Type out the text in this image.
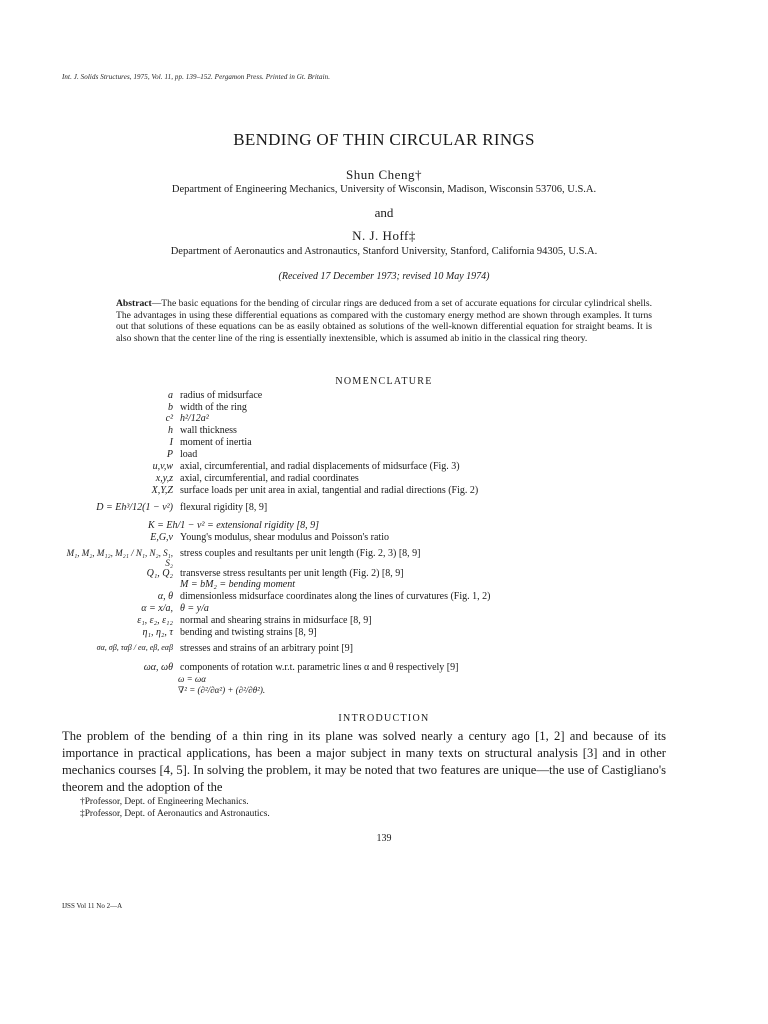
Int. J. Solids Structures, 1975, Vol. 11, pp. 139–152. Pergamon Press. Printed in Gt. Britain.
BENDING OF THIN CIRCULAR RINGS
Shun Cheng†
Department of Engineering Mechanics, University of Wisconsin, Madison, Wisconsin 53706, U.S.A.
and
N. J. Hoff‡
Department of Aeronautics and Astronautics, Stanford University, Stanford, California 94305, U.S.A.
(Received 17 December 1973; revised 10 May 1974)
Abstract—The basic equations for the bending of circular rings are deduced from a set of accurate equations for circular cylindrical shells. The advantages in using these differential equations as compared with the customary energy method are shown through examples. It turns out that solutions of these equations can be as easily obtained as solutions of the well-known differential equation for straight beams. It is also shown that the center line of the ring is essentially inextensible, which is assumed ab initio in the classical ring theory.
NOMENCLATURE
a radius of midsurface
b width of the ring
c² h²/12a²
h wall thickness
I moment of inertia
P load
u,v,w axial, circumferential, and radial displacements of midsurface (Fig. 3)
x,y,z axial, circumferential, and radial coordinates
X,Y,Z surface loads per unit area in axial, tangential and radial directions (Fig. 2)
D = Eh³/12(1 − ν²) flexural rigidity [8, 9]
K = Eh/1 − ν² = extensional rigidity [8, 9]
E,G,ν Young's modulus, shear modulus and Poisson's ratio
M₁, M₂, M₁₂, M₂₁ / N₁, N₂, S₁, S₂
stress couples and resultants per unit length (Fig. 2, 3) [8, 9]
Q₁, Q₂ transverse stress resultants per unit length (Fig. 2) [8, 9]
M = bM₂ = bending moment
α, θ dimensionless midsurface coordinates along the lines of curvatures (Fig. 1, 2)
α = x/a, θ = y/a
ε₁, ε₂, ε₁₂ normal and shearing strains in midsurface [8, 9]
η₁, η₂, τ bending and twisting strains [8, 9]
σα, σβ, ταβ / eα, eβ, eαβ stresses and strains of an arbitrary point [9]
ωα, ωθ components of rotation w.r.t. parametric lines α and θ respectively [9]
ω = ωα
∇² = (∂²/∂α²) + (∂²/∂θ²).
INTRODUCTION
The problem of the bending of a thin ring in its plane was solved nearly a century ago [1, 2] and because of its importance in practical applications, has been a major subject in many texts on structural analysis [3] and in other mechanics courses [4, 5]. In solving the problem, it may be noted that two features are unique—the use of Castigliano's theorem and the adoption of the
†Professor, Dept. of Engineering Mechanics.
‡Professor, Dept. of Aeronautics and Astronautics.
139
IJSS Vol 11 No 2—A
